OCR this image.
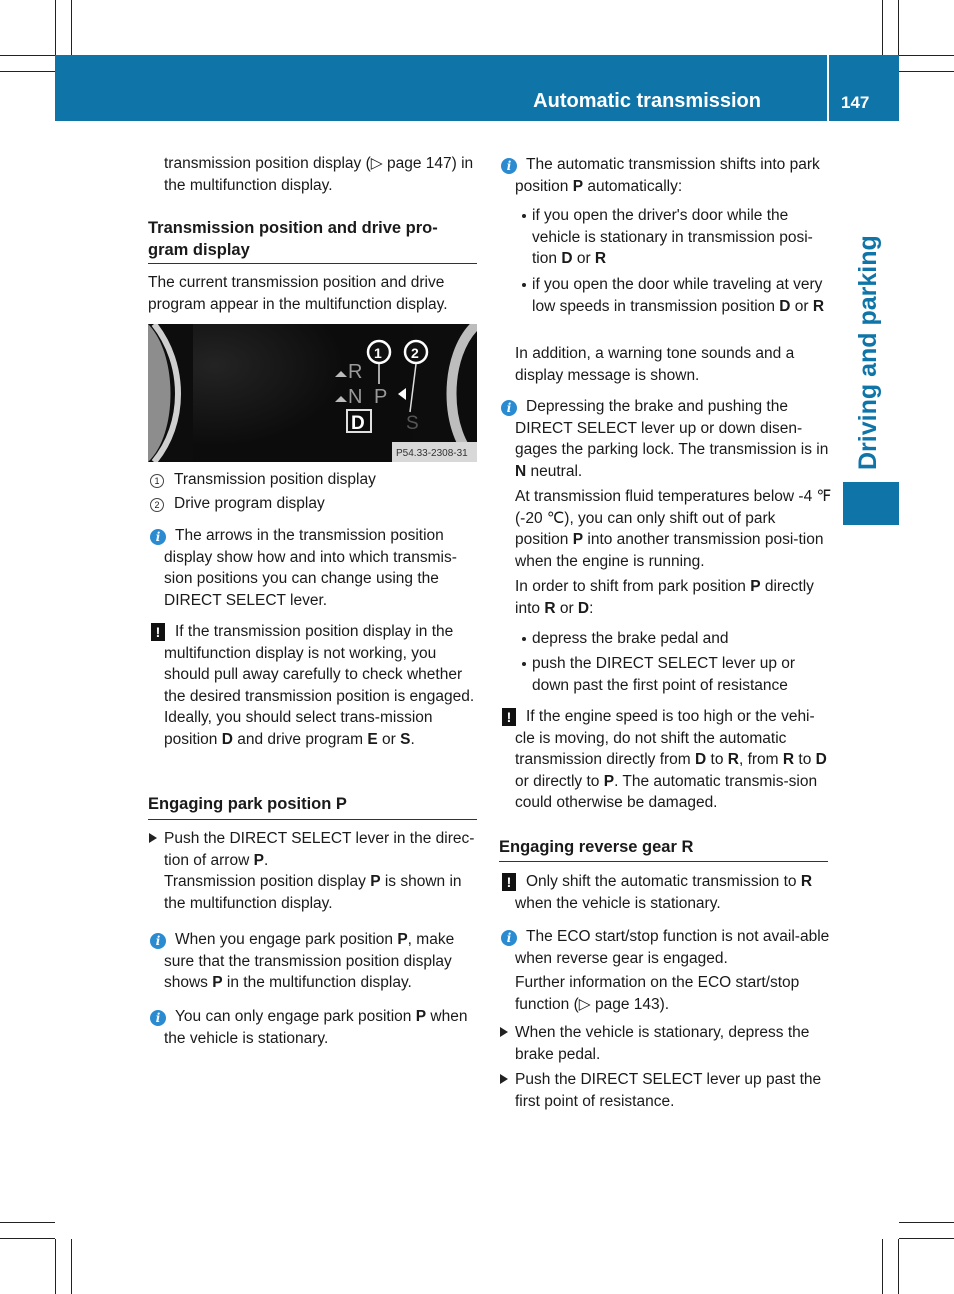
Automatic transmission	147
Driving and parking

transmission position display (▷ page 147) in the multifunction display.

Transmission position and drive pro-gram display

The current transmission position and drive program appear in the multifunction display.

R
N P
D S
1 2
P54.33-2308-31
1 Transmission position display
2 Drive program display
i The arrows in the transmission position display show how and into which transmis-sion positions you can change using the DIRECT SELECT lever.

! If the transmission position display in the multifunction display is not working, you should pull away carefully to check whether the desired transmission position is engaged. Ideally, you should select trans-mission position D and drive program E or S.

Engaging park position P

Push the DIRECT SELECT lever in the direc-tion of arrow P.

Transmission position display P is shown in the multifunction display.

i When you engage park position P, make sure that the transmission position display shows P in the multifunction display.

i You can only engage park position P when the vehicle is stationary.

i The automatic transmission shifts into park position P automatically:

if you open the driver's door while the vehicle is stationary in transmission posi-tion D or R

if you open the door while traveling at very low speeds in transmission position D or R

In addition, a warning tone sounds and a display message is shown.

i Depressing the brake and pushing the DIRECT SELECT lever up or down disen-gages the parking lock. The transmission is in N neutral.

At transmission fluid temperatures below -4 ℉ (-20 ℃), you can only shift out of park position P into another transmission posi-tion when the engine is running.

In order to shift from park position P directly into R or D:

depress the brake pedal and

push the DIRECT SELECT lever up or down past the first point of resistance

! If the engine speed is too high or the vehi-cle is moving, do not shift the automatic transmission directly from D to R, from R to D or directly to P. The automatic transmis-sion could otherwise be damaged.

Engaging reverse gear R
! Only shift the automatic transmission to R when the vehicle is stationary.

i The ECO start/stop function is not avail-able when reverse gear is engaged.

Further information on the ECO start/stop function (▷ page 143).

When the vehicle is stationary, depress the brake pedal.

Push the DIRECT SELECT lever up past the first point of resistance.
